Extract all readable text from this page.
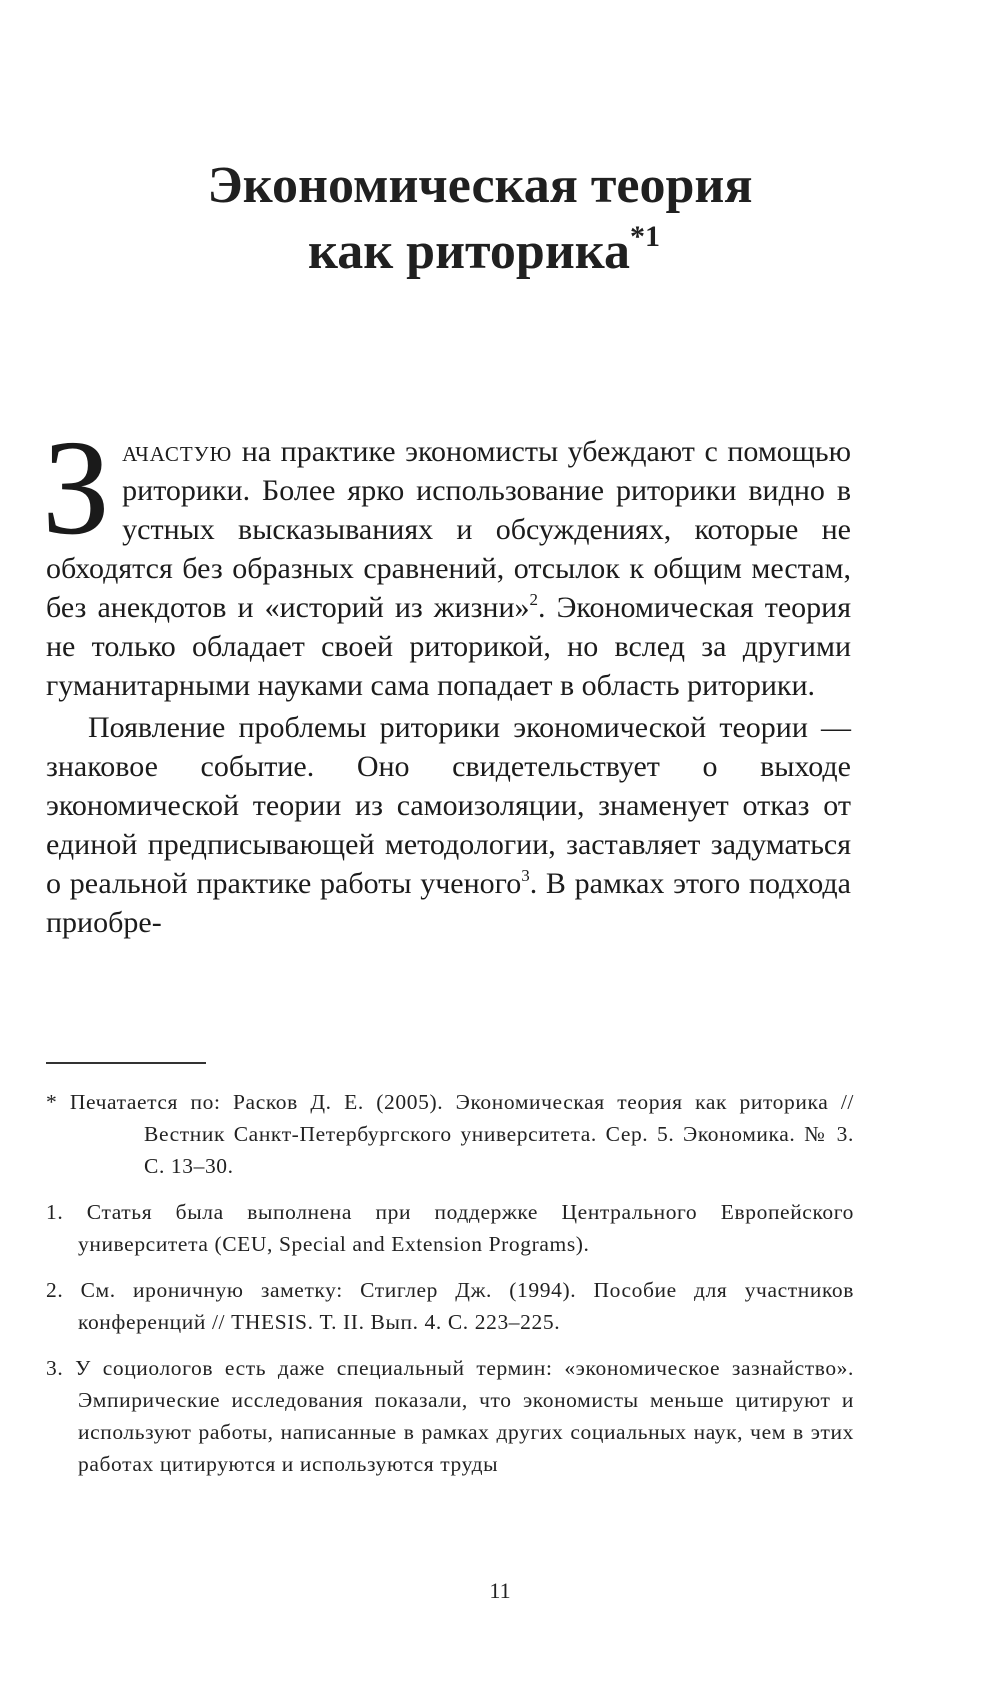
Экономическая теория
как риторика$^{*1}$

Зачастую на практике экономисты убеждают с помощью риторики. Более ярко использование риторики видно в устных высказываниях и обсуждениях, которые не обходятся без образных сравнений, отсылок к общим местам, без анекдотов и «историй из жизни»$^2$. Экономическая теория не только обладает своей риторикой, но вслед за другими гуманитарными науками сама попадает в область риторики.

Появление проблемы риторики экономической теории — знаковое событие. Оно свидетельствует о выходе экономической теории из самоизоляции, знаменует отказ от единой предписывающей методологии, заставляет задуматься о реальной практике работы ученого$^3$. В рамках этого подхода приобре-

* Печатается по: Расков Д. Е. (2005). Экономическая теория как риторика // Вестник Санкт-Петербургского университета. Сер. 5. Экономика. № 3. С. 13–30.

1. Статья была выполнена при поддержке Центрального Европейского университета (CEU, Special and Extension Programs).

2. См. ироничную заметку: Стиглер Дж. (1994). Пособие для участников конференций // THESIS. Т. II. Вып. 4. С. 223–225.

3. У социологов есть даже специальный термин: «экономическое зазнайство». Эмпирические исследования показали, что экономисты меньше цитируют и используют работы, написанные в рамках других социальных наук, чем в этих работах цитируются и используются труды

11
